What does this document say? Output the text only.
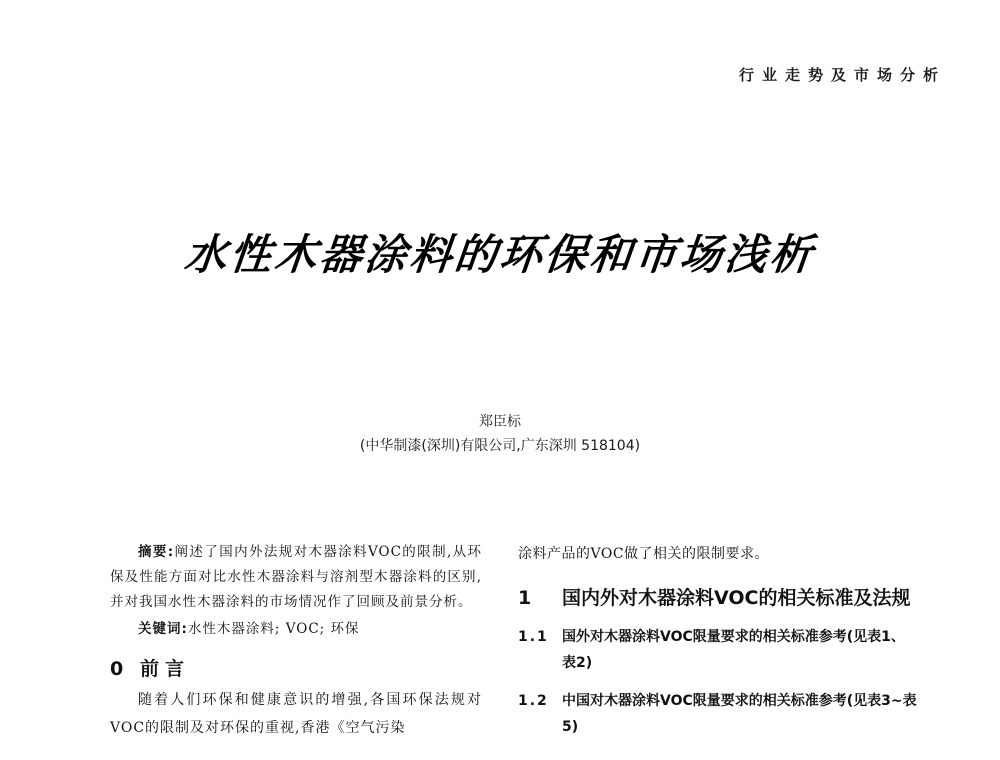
行业走势及市场分析
水性木器涂料的环保和市场浅析
郑臣标
(中华制漆(深圳)有限公司,广东深圳 518104)

摘要:阐述了国内外法规对木器涂料VOC的限制,从环保及性能方面对比水性木器涂料与溶剂型木器涂料的区别,并对我国水性木器涂料的市场情况作了回顾及前景分析。

关键词:水性木器涂料; VOC; 环保

0 前言

随着人们环保和健康意识的增强,各国环保法规对VOC的限制及对环保的重视,香港《空气污染

涂料产品的VOC做了相关的限制要求。

1	国内外对木器涂料VOC的相关标准及法规
1.1 国外对木器涂料VOC限量要求的相关标准参考(见表1、表2)
1.2 中国对木器涂料VOC限量要求的相关标准参考(见表3~表5)
